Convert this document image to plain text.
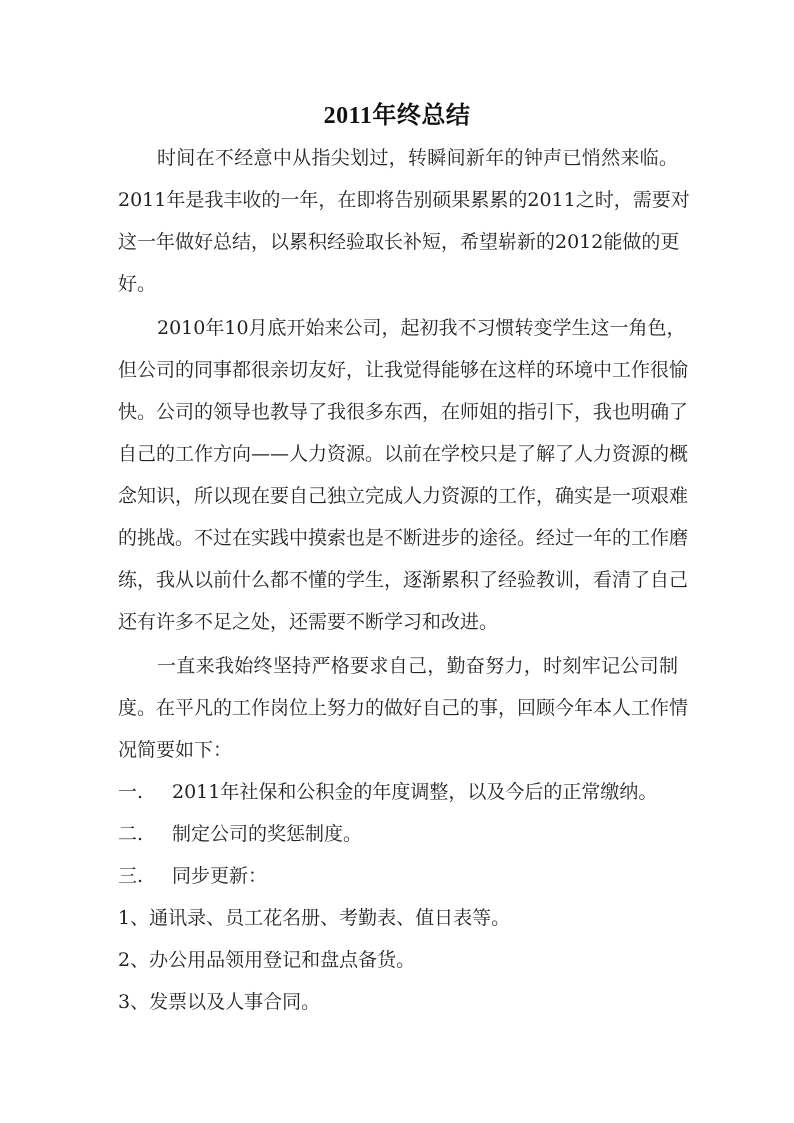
2011年终总结
时间在不经意中从指尖划过，转瞬间新年的钟声已悄然来临。
2011年是我丰收的一年，在即将告别硕果累累的2011之时，需要对
这一年做好总结，以累积经验取长补短，希望崭新的2012能做的更
好。
2010年10月底开始来公司，起初我不习惯转变学生这一角色，
但公司的同事都很亲切友好，让我觉得能够在这样的环境中工作很愉
快。公司的领导也教导了我很多东西，在师姐的指引下，我也明确了
自己的工作方向——人力资源。以前在学校只是了解了人力资源的概
念知识，所以现在要自己独立完成人力资源的工作，确实是一项艰难
的挑战。不过在实践中摸索也是不断进步的途径。经过一年的工作磨
练，我从以前什么都不懂的学生，逐渐累积了经验教训，看清了自己
还有许多不足之处，还需要不断学习和改进。
一直来我始终坚持严格要求自己，勤奋努力，时刻牢记公司制
度。在平凡的工作岗位上努力的做好自己的事，回顾今年本人工作情
况简要如下：
一. 2011年社保和公积金的年度调整，以及今后的正常缴纳。
二. 制定公司的奖惩制度。
三. 同步更新：
1、通讯录、员工花名册、考勤表、值日表等。
2、办公用品领用登记和盘点备货。
3、发票以及人事合同。
